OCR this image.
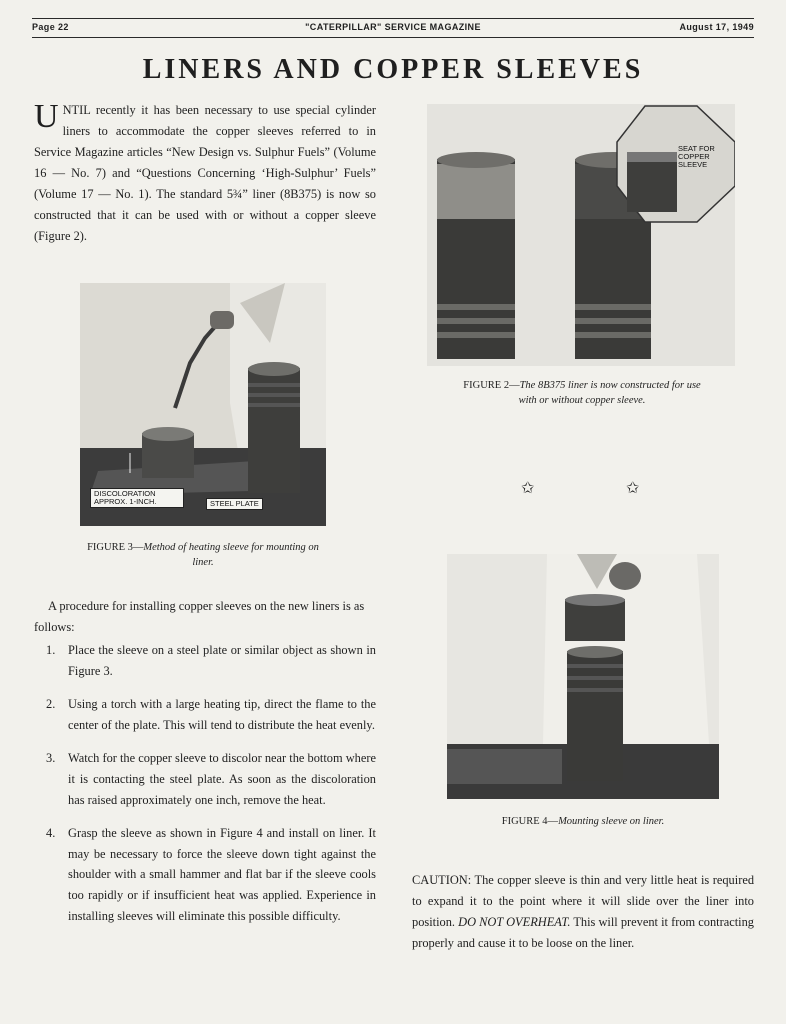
Page 22	"CATERPILLAR" SERVICE MAGAZINE	August 17, 1949
LINERS AND COPPER SLEEVES
UNTIL recently it has been necessary to use special cylinder liners to accommodate the copper sleeves referred to in Service Magazine articles “New Design vs. Sulphur Fuels” (Volume 16 — No. 7) and “Questions Concerning ‘High-Sulphur’ Fuels” (Volume 17 — No. 1). The standard 5¾” liner (8B375) is now so constructed that it can be used with or without a copper sleeve (Figure 2).
DISCOLORATION APPROX. 1-INCH.	STEEL PLATE
FIGURE 3—Method of heating sleeve for mounting on liner.
SEAT FOR COPPER SLEEVE
FIGURE 2—The 8B375 liner is now constructed for use with or without copper sleeve.
✩	✩
FIGURE 4—Mounting sleeve on liner.
A procedure for installing copper sleeves on the new liners is as follows:
1. Place the sleeve on a steel plate or similar object as shown in Figure 3.
2. Using a torch with a large heating tip, direct the flame to the center of the plate. This will tend to distribute the heat evenly.
3. Watch for the copper sleeve to discolor near the bottom where it is contacting the steel plate. As soon as the discoloration has raised approximately one inch, remove the heat.
4. Grasp the sleeve as shown in Figure 4 and install on liner. It may be necessary to force the sleeve down tight against the shoulder with a small hammer and flat bar if the sleeve cools too rapidly or if insufficient heat was applied. Experience in installing sleeves will eliminate this possible difficulty.
CAUTION: The copper sleeve is thin and very little heat is required to expand it to the point where it will slide over the liner into position. DO NOT OVERHEAT. This will prevent it from contracting properly and cause it to be loose on the liner.
